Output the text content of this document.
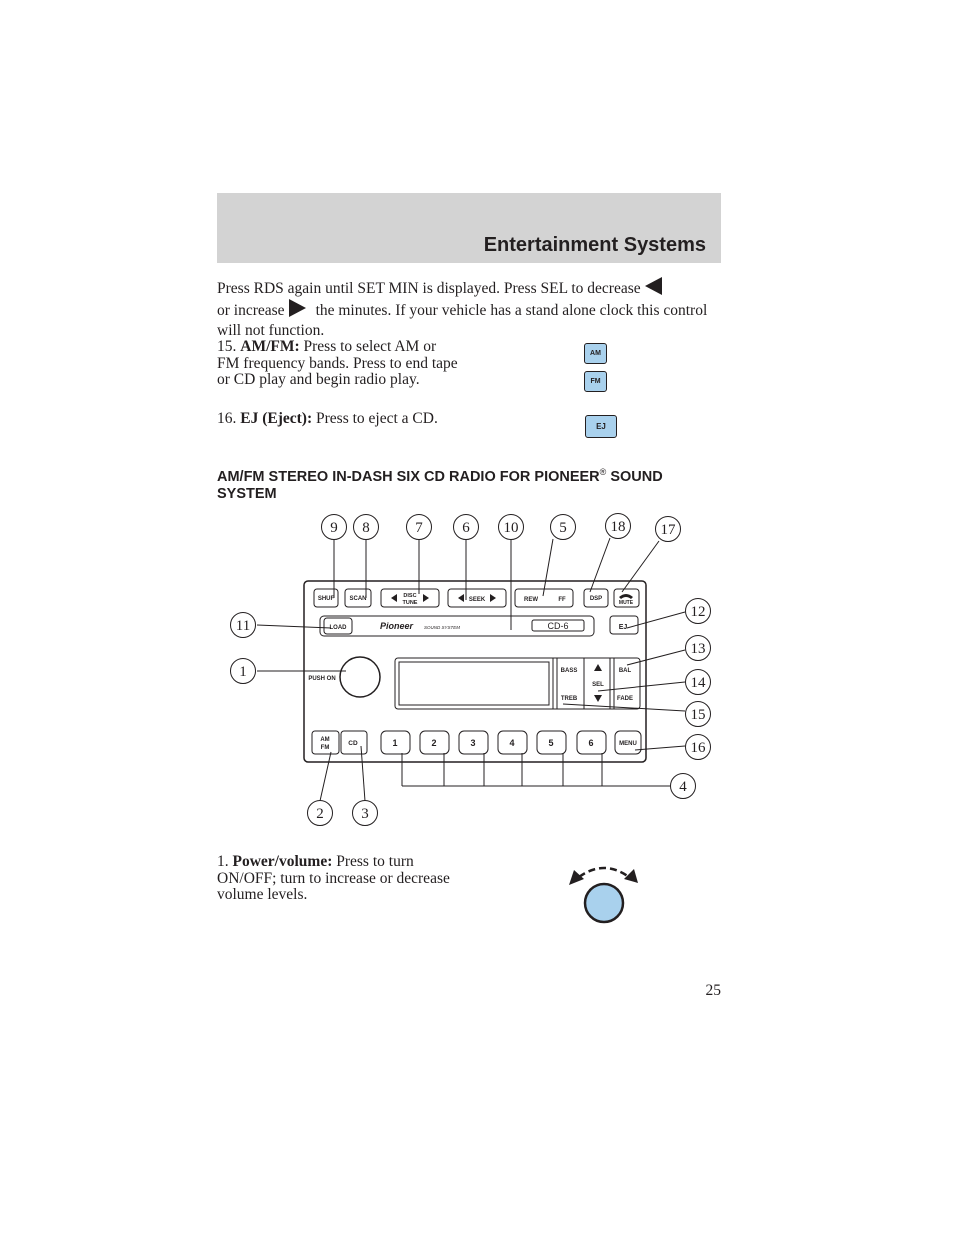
Entertainment Systems
Press RDS again until SET MIN is displayed. Press SEL to decrease
or increase the minutes. If your vehicle has a stand alone clock this control will not function.
15. AM/FM: Press to select AM or FM frequency bands. Press to end tape or CD play and begin radio play.
AM
FM
16. EJ (Eject): Press to eject a CD.	EJ
AM/FM STEREO IN-DASH SIX CD RADIO FOR PIONEER® SOUND SYSTEM
SHUF	SCAN	DISC
TUNE	SEEK	REW	FF	DSP
MUTE
LOAD	EJ
Pioneer SOUND SYSTEM	CD-6
PUSH ON
BASS
TREB
SEL
BAL
FADE
AM
FM
CD	1	2	3	4	5	6	MENU
9 8	7	6 10	5	18 17
11
12
1
13
14
15
16
4
2	3
1. Power/volume: Press to turn ON/OFF; turn to increase or decrease volume levels.
25
